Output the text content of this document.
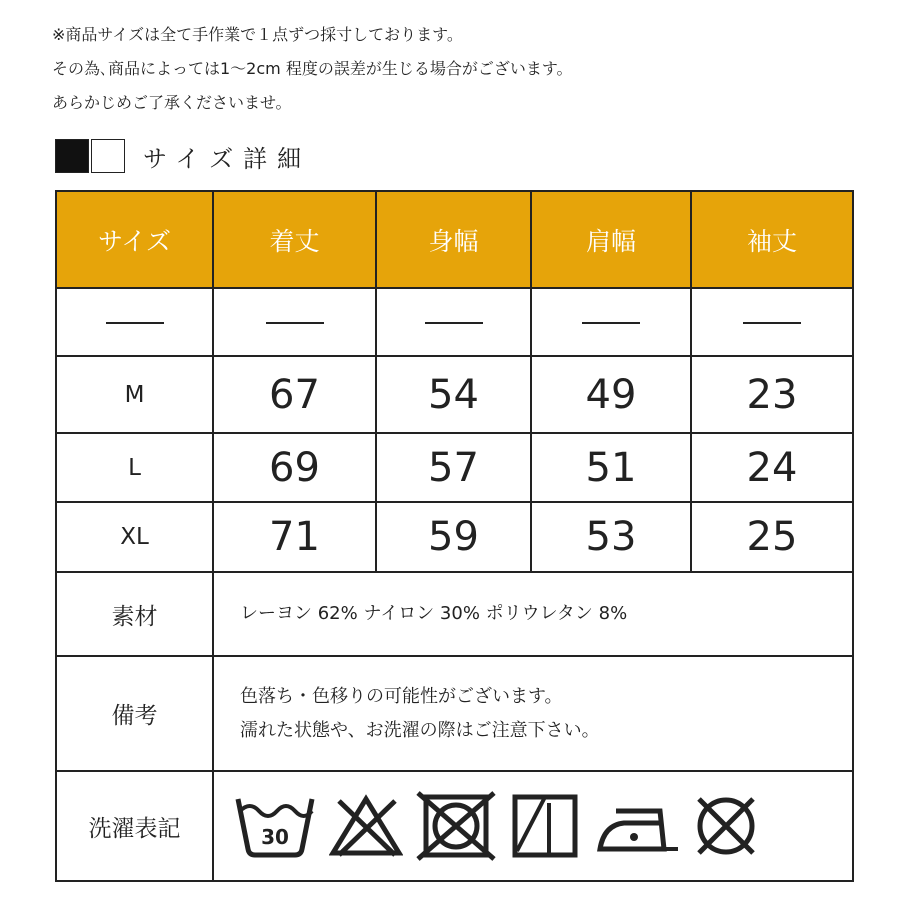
※商品サイズは全て手作業で１点ずつ採寸しております。
その為､商品によっては1～2cm 程度の誤差が生じる場合がございます。
あらかじめご了承くださいませ。
サイズ詳細
サイズ	着丈	身幅	肩幅	袖丈

M	67	54	49	23
L	69	57	51	24
XL	71	59	53	25
素材	レーヨン 62% ナイロン 30% ポリウレタン 8%			
備考	色落ち・色移りの可能性がございます。
濡れた状態や、お洗濯の際はご注意下さい。			

洗濯表記	30			
